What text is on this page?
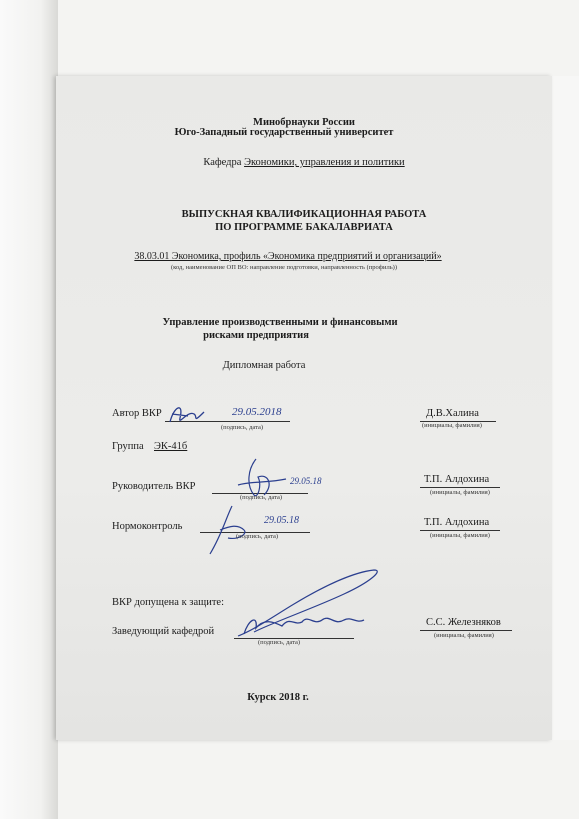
Минобрнауки России
Юго-Западный государственный университет
Кафедра Экономики, управления и политики
ВЫПУСКНАЯ КВАЛИФИКАЦИОННАЯ РАБОТА
ПО ПРОГРАММЕ БАКАЛАВРИАТА
38.03.01 Экономика, профиль «Экономика предприятий и организаций»
(код, наименование ОП ВО: направление подготовки, направленность (профиль))
Управление производственными и финансовыми
рисками предприятия
Дипломная работа
Автор ВКР	29.05.2018
(подпись, дата)
Д.В.Халина
(инициалы, фамилия)
Группа ЭК-41б
Руководитель ВКР	29.05.18
(подпись, дата)
Т.П. Алдохина
(инициалы, фамилия)
Нормоконтроль
29.05.18
(подпись, дата)
Т.П. Алдохина
(инициалы, фамилия)
ВКР допущена к защите:
Заведующий кафедрой
(подпись, дата)
С.С. Железняков
(инициалы, фамилия)
Курск 2018 г.
